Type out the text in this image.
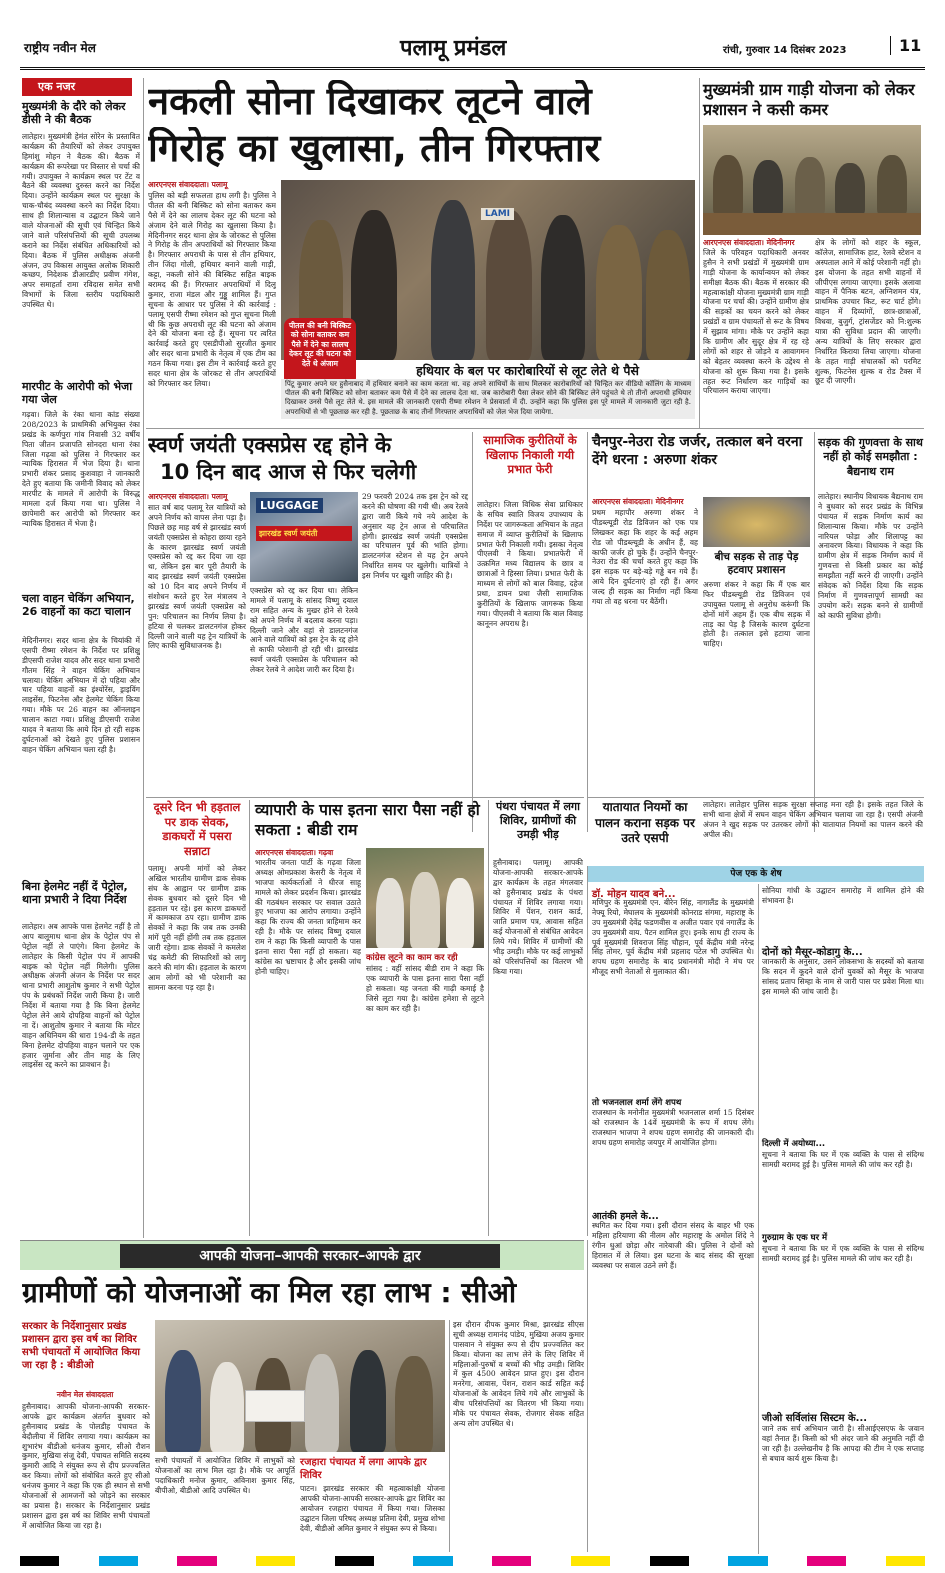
राष्ट्रीय नवीन मेल	पलामू प्रमंडल	रांची, गुरुवार 14 दिसंबर 2023	11
एक नजर
मुख्यमंत्री के दौरे को लेकर डीसी ने की बैठक
लातेहार। मुख्यमंत्री हेमंत सोरेन के प्रस्तावित कार्यक्रम की तैयारियों को लेकर उपायुक्त हिमांशु मोहन ने बैठक की। बैठक में कार्यक्रम की रूपरेखा पर विस्तार से चर्चा की गयी। उपायुक्त ने कार्यक्रम स्थल पर टेंट व बैठने की व्यवस्था दुरुस्त करने का निर्देश दिया। उन्होंने कार्यक्रम स्थल पर सुरक्षा के चाक-चौबंद व्यवस्था करने का निर्देश दिया। साथ ही शिलान्यास व उद्घाटन किये जाने वाले योजनाओं की सूची एवं चिन्हित किये जाने वाले परिसंपत्तियों की सूची उपलब्ध कराने का निर्देश संबंधित अधिकारियों को दिया। बैठक में पुलिस अधीक्षक अंजनी अंजन, उप विकास आयुक्त अलोक शिकारी कच्छप, निदेशक डीआरडीए प्रवीण गंगेश, अपर समाहर्ता रामा रविदास समेत सभी विभागों के जिला स्तरीय पदाधिकारी उपस्थित थे।
मारपीट के आरोपी को भेजा गया जेल
गढ़वा। जिले के रंका थाना कांड संख्या 208/2023 के प्राथमिकी अभियुक्त रंका प्रखंड के कर्णपुरा गांव निवासी 32 वर्षीय पिता जीतन प्रजापति सोनदरा थाना रंका जिला गढ़वा को पुलिस ने गिरफ्तार कर न्यायिक हिरासत में भेज दिया है। थाना प्रभारी शंकर प्रसाद कुशवाहा ने जानकारी देते हुए बताया कि जमीनी विवाद को लेकर मारपीट के मामले में आरोपी के विरुद्ध मामला दर्ज किया गया था। पुलिस ने छापेमारी कर आरोपी को गिरफ्तार कर न्यायिक हिरासत में भेजा है।
चला वाहन चेकिंग अभियान, 26 वाहनों का कटा चालान
मेदिनीनगर। सदर थाना क्षेत्र के चियांकी में एसपी रीष्मा रमेशन के निर्देश पर प्रशिक्षु डीएसपी राजेश यादव और सदर थाना प्रभारी गौतम सिंह ने वाहन चेकिंग अभियान चलाया। चेकिंग अभियान में दो पहिया और चार पहिया वाहनों का इंश्योरेंस, ड्राइविंग लाइसेंस, फिटनेस और हेलमेट चेकिंग किया गया। मौके पर 26 वाहन का ऑनलाइन चालान काटा गया। प्रशिक्षु डीएसपी राजेश यादव ने बताया कि आये दिन हो रही सड़क दुर्घटनाओं को देखते हुए पुलिस प्रशासन वाहन चेकिंग अभियान चला रही है।
बिना हेलमेट नहीं दें पेट्रोल, थाना प्रभारी ने दिया निर्देश
लातेहार। अब आपके पास हेलमेट नहीं है तो आप बालूमाथ थाना क्षेत्र के पेट्रोल पंप से पेट्रोल नहीं ले पाएंगे। बिना हेलमेट के लातेहार के किसी पेट्रोल पंप में आपकी बाइक को पेट्रोल नहीं मिलेगी। पुलिस अधीक्षक अंजनी अंजन के निर्देश पर सदर थाना प्रभारी आशुतोष कुमार ने सभी पेट्रोल पंप के प्रबंधकों निर्देश जारी किया है। जारी निर्देश में बताया गया है कि बिना हेलमेट पेट्रोल लेने आये दोपहिया वाहनों को पेट्रोल ना दें। आशुतोष कुमार ने बताया कि मोटर वाहन अधिनियम की धारा 194-डी के तहत बिना हेलमेट दोपहिया वाहन चलाने पर एक हजार जुर्माना और तीन माह के लिए लाइसेंस रद्द करने का प्रावधान है।
नकली सोना दिखाकर लूटने वाले
गिरोह का खुलासा, तीन गिरफ्तार
आरएनएस संवाददाता। पलामू
पुलिस को बड़ी सफलता हाथ लगी है। पुलिस ने पीतल की बनी बिस्किट को सोना बताकर कम पैसे में देने का लालच देकर लूट की घटना को अंजाम देने वाले गिरोह का खुलासा किया है। मेदिनीनगर सदर थाना क्षेत्र के जोरकट से पुलिस ने गिरोह के तीन अपराधियों को गिरफ्तार किया है। गिरफ्तार अपराधी के पास से तीन हथियार, तीन जिंदा गोली, हथियार बनाने वाली गाड़ी, कट्टा, नकली सोने की बिस्किट सहित बाइक बरामद की हैं। गिरफ्तार अपराधियों में दिलू कुमार, राजा मंडल और गुड्डू शामिल हैं। गुप्त सूचना के आधार पर पुलिस ने की कार्रवाई : पलामू एसपी रीष्मा रमेशन को गुप्त सूचना मिली थी कि कुछ अपराधी लूट की घटना को अंजाम देने की योजना बना रहे हैं। सूचना पर त्वरित कार्रवाई करते हुए एसडीपीओ सुरजीत कुमार और सदर थाना प्रभारी के नेतृत्व में एक टीम का गठन किया गया। इस टीम ने कार्रवाई करते हुए सदर थाना क्षेत्र के जोरकट से तीन अपराधियों को गिरफ्तार कर लिया।
LAMI
पीतल की बनी बिस्किट को सोना बताकर कम पैसे में देने का लालच देकर लूट की घटना को देते थे अंजाम	हथियार के बल पर कारोबारियों से लूट लेते थे पैसे
पिंटू कुमार अपने घर हुसैनाबाद में हथियार बनाने का काम करता था. वह अपने साथियों के साथ मिलकर कारोबारियों को चिन्हित कर वीडियो कॉलिंग के माध्यम पीतल की बनी बिस्किट को सोना बताकर कम पैसे में देने का लालच देता था. जब कारोबारी पैसा लेकर सोने की बिस्किट लेने पहुंचते थे तो तीनों अपराधी हथियार दिखाकर उनसे पैसे लूट लेते थे. इस मामले की जानकारी एसपी रीष्मा रमेशन ने प्रेसवार्ता में दी. उन्होंने कहा कि पुलिस इस पूरे मामले में जानकारी जुटा रही है. अपराधियों से भी पूछताछ कर रही है. पूछताछ के बाद तीनों गिरफ्तार अपराधियों को जेल भेज दिया जायेगा.
मुख्यमंत्री ग्राम गाड़ी योजना को लेकर प्रशासन ने कसी कमर
आरएनएस संवाददाता। मेदिनीनगर
जिले के परिवहन पदाधिकारी अनवर हुसैन ने सभी प्रखंडों में मुख्यमंत्री ग्राम गाड़ी योजना के कार्यान्वयन को लेकर समीक्षा बैठक की। बैठक में सरकार की महत्वाकांक्षी योजना मुख्यमंत्री ग्राम गाड़ी योजना पर चर्चा की। उन्होंने ग्रामीण क्षेत्र की सड़कों का चयन करने को लेकर प्रखंडों व ग्राम पंचायतों से रूट के विषय में सुझाव मांगा। मौके पर उन्होंने कहा कि ग्रामीण और सुदूर क्षेत्र में रह रहे लोगों को शहर से जोड़ने व आवागमन को बेहतर व्यवस्था करने के उद्देश्य से योजना को शुरू किया गया है। इसके तहत रूट निर्धारण कर गाड़ियों का परिचालन कराया जाएगा।
क्षेत्र के लोगों को शहर के स्कूल, कॉलेज, सामाजिक हाट, रेलवे स्टेशन व अस्पताल आने में कोई परेशानी नहीं हो। इस योजना के तहत सभी वाहनों में जीपीएस लगाया जाएगा। इसके अलावा वाहन में पैनिक बटन, अग्निशमन यंत्र, प्राथमिक उपचार किट, रूट चार्ट होंगे। वाहन में दिव्यांगों, छात्र-छात्राओं, विधवा, बुजुर्ग, ट्रांसजेंडर को नि:शुल्क यात्रा की सुविधा प्रदान की जाएगी। अन्य यात्रियों के लिए सरकार द्वारा निर्धारित किराया लिया जाएगा। योजना के तहत गाड़ी संचालकों को परमिट शुल्क, फिटनेस शुल्क व रोड टैक्स में छूट दी जाएगी।
स्वर्ण जयंती एक्सप्रेस रद्द होने के
10 दिन बाद आज से फिर चलेगी
आरएनएस संवाददाता। पलामू
सात वर्ष बाद पलामू रेल यात्रियों को अपने निर्णय को वापस लेना पड़ा है। पिछले छह माह वर्ष से झारखंड स्वर्ण जयंती एक्सप्रेस से कोहरा छाया रहने के कारण झारखंड स्वर्ण जयंती एक्सप्रेस को रद्द कर दिया जा रहा था, लेकिन इस बार पूरी तैयारी के बाद झारखंड स्वर्ण जयंती एक्सप्रेस को 10 दिन बाद अपने निर्णय में संशोधन करते हुए रेल मंत्रालय ने झारखंड स्वर्ण जयंती एक्सप्रेस को पुन: परिचालन का निर्णय लिया है। हटिया से चलकर डालटनगंज होकर दिल्ली जाने वाली यह ट्रेन यात्रियों के लिए काफी सुविधाजनक है।
LUGGAGE
झारखंड स्वर्ण जयंती
एक्सप्रेस को रद्द कर दिया था। लेकिन मामले में पलामू के सांसद विष्णु दयाल राम सहित अन्य के मुखर होने से रेलवे को अपने निर्णय में बदलाव करना पड़ा। दिल्ली जाने और वहां से डालटनगंज आने वाले यात्रियों को इस ट्रेन के रद्द होने से काफी परेशानी हो रही थी। झारखंड स्वर्ण जयंती एक्सप्रेस के परिचालन को लेकर रेलवे ने आदेश जारी कर दिया है।
29 फरवरी 2024 तक इस ट्रेन को रद्द करने की घोषणा की गयी थी। अब रेलवे द्वारा जारी किये गये नये आदेश के अनुसार यह ट्रेन आज से परिचालित होगी। झारखंड स्वर्ण जयंती एक्सप्रेस का परिचालन पूर्व की भांति होगा। डालटनगंज स्टेशन से यह ट्रेन अपने निर्धारित समय पर खुलेगी। यात्रियों ने इस निर्णय पर खुशी जाहिर की है।
सामाजिक कुरीतियों के खिलाफ निकाली गयी प्रभात फेरी
लातेहार। जिला विधिक सेवा प्राधिकार के सचिव स्वाति विजय उपाध्याय के निर्देश पर जागरूकता अभियान के तहत समाज में व्याप्त कुरीतियों के खिलाफ प्रभात फेरी निकाली गयी। इसका नेतृत्व पीएलवी ने किया। प्रभातफेरी में उत्क्रमित मध्य विद्यालय के छात्र व छात्राओं ने हिस्सा लिया। प्रभात फेरी के माध्यम से लोगों को बाल विवाह, दहेज प्रथा, डायन प्रथा जैसी सामाजिक कुरीतियों के खिलाफ जागरूक किया गया। पीएलवी ने बताया कि बाल विवाह कानूनन अपराध है।
चैनपुर-नेउरा रोड जर्जर, तत्काल बने वरना देंगे धरना : अरुणा शंकर
आरएनएस संवाददाता। मेदिनीनगर
प्रथम महापौर अरुणा शंकर ने पीडब्ल्यूडी रोड डिविजन को एक पत्र लिखकर कहा कि शहर के कई अहम रोड जो पीडब्ल्यूडी के अधीन हैं, वह काफी जर्जर हो चुके हैं। उन्होंने चैनपुर-नेउरा रोड की चर्चा करते हुए कहा कि इस सड़क पर बड़े-बड़े गड्ढे बन गये हैं। आये दिन दुर्घटनाएं हो रही हैं। अगर जल्द ही सड़क का निर्माण नहीं किया गया तो वह धरना पर बैठेंगी।
बीच सड़क से ताड़ पेड़ हटवाए प्रशासन
अरुणा शंकर ने कहा कि मैं एक बार फिर पीडब्ल्यूडी रोड डिविजन एवं उपायुक्त पलामू से अनुरोध करूंगी कि दोनों मांगें अहम हैं। एक बीच सड़क में ताड़ का पेड़ है जिसके कारण दुर्घटना होती है। तत्काल इसे हटाया जाना चाहिए।
सड़क की गुणवत्ता के साथ नहीं हो कोई समझौता : बैद्यनाथ राम
लातेहार। स्थानीय विधायक बैद्यनाथ राम ने बुधवार को सदर प्रखंड के विभिन्न पंचायत में सड़क निर्माण कार्य का शिलान्यास किया। मौके पर उन्होंने नारियल फोड़ा और शिलापट्ट का अनावरण किया। विधायक ने कहा कि ग्रामीण क्षेत्र में सड़क निर्माण कार्य में गुणवत्ता से किसी प्रकार का कोई समझौता नहीं करने दी जाएगी। उन्होंने संवेदक को निर्देश दिया कि सड़क निर्माण में गुणवत्तापूर्ण सामग्री का उपयोग करें। सड़क बनने से ग्रामीणों को काफी सुविधा होगी।
यातायात नियमों का पालन कराना सड़क पर उतरे एसपी
लातेहार। लातेहार पुलिस सड़क सुरक्षा सप्ताह मना रही है। इसके तहत जिले के सभी थाना क्षेत्रों में सघन वाहन चेकिंग अभियान चलाया जा रहा है। एसपी अंजनी अंजन ने खुद सड़क पर उतरकर लोगों को यातायात नियमों का पालन करने की अपील की।
पेज एक के शेष
दूसरे दिन भी हड़ताल पर डाक सेवक, डाकघरों में पसरा सन्नाटा
पलामू। अपनी मांगों को लेकर अखिल भारतीय ग्रामीण डाक सेवक संघ के आह्वान पर ग्रामीण डाक सेवक बुधवार को दूसरे दिन भी हड़ताल पर रहे। इस कारण डाकघरों में कामकाज ठप रहा। ग्रामीण डाक सेवकों ने कहा कि जब तक उनकी मांगें पूरी नहीं होंगी तब तक हड़ताल जारी रहेगा। डाक सेवकों ने कमलेश चंद्र कमेटी की सिफारिशों को लागू करने की मांग की। हड़ताल के कारण आम लोगों को भी परेशानी का सामना करना पड़ रहा है।
व्यापारी के पास इतना सारा पैसा नहीं हो सकता : बीडी राम
आरएनएस संवाददाता। गढ़वा
भारतीय जनता पार्टी के गढ़वा जिला अध्यक्ष ओमप्रकाश केसरी के नेतृत्व में भाजपा कार्यकर्ताओं ने धीरज साहू मामले को लेकर प्रदर्शन किया। झारखंड की गठबंधन सरकार पर सवाल उठाते हुए भाजपा का आरोप लगाया। उन्होंने कहा कि राज्य की जनता त्राहिमाम कर रही है। मौके पर सांसद विष्णु दयाल राम ने कहा कि किसी व्यापारी के पास इतना सारा पैसा नहीं हो सकता। यह कांग्रेस का भ्रष्टाचार है और इसकी जांच होनी चाहिए।
कांग्रेस लूटने का काम कर रही
सांसद : वहीं सांसद बीडी राम ने कहा कि एक व्यापारी के पास इतना सारा पैसा नहीं हो सकता। यह जनता की गाढ़ी कमाई है जिसे लूटा गया है। कांग्रेस हमेशा से लूटने का काम कर रही है।
पंथरा पंचायत में लगा शिविर, ग्रामीणों की उमड़ी भीड़
हुसैनाबाद। पलामू। आपकी योजना-आपकी सरकार-आपके द्वार कार्यक्रम के तहत मंगलवार को हुसैनाबाद प्रखंड के पंथरा पंचायत में शिविर लगाया गया। शिविर में पेंशन, राशन कार्ड, जाति प्रमाण पत्र, आवास सहित कई योजनाओं से संबंधित आवेदन लिये गये। शिविर में ग्रामीणों की भीड़ उमड़ी। मौके पर कई लाभुकों को परिसंपत्तियों का वितरण भी किया गया।
डॉ. मोहन यादव बने...
मणिपुर के मुख्यमंत्री एन. बीरेन सिंह, नागालैंड के मुख्यमंत्री नेफ्यू रियो, मेघालय के मुख्यमंत्री कोनराड संगमा, महाराष्ट्र के उप मुख्यमंत्री देवेंद्र फडणवीस व अजीत पवार एवं नगालैंड के उप मुख्यमंत्री वाय. पैटन शामिल हुए। इनके साथ ही राज्य के पूर्व मुख्यमंत्री शिवराज सिंह चौहान, पूर्व केंद्रीय मंत्री नरेन्द्र सिंह तोमर, पूर्व केंद्रीय मंत्री प्रहलाद पटेल भी उपस्थित थे। शपथ ग्रहण समारोह के बाद प्रधानमंत्री मोदी ने मंच पर मौजूद सभी नेताओं से मुलाकात की।
तो भजनलाल शर्मा लेंगे शपथ
राजस्थान के मनोनीत मुख्यमंत्री भजनलाल शर्मा 15 दिसंबर को राजस्थान के 14वें मुख्यमंत्री के रूप में शपथ लेंगे। राजस्थान भाजपा ने शपथ ग्रहण समारोह की जानकारी दी। शपथ ग्रहण समारोह जयपुर में आयोजित होगा।
आतंकी हमले के...
स्थगित कर दिया गया। इसी दौरान संसद के बाहर भी एक महिला हरियाणा की नीलम और महाराष्ट्र के अमोल शिंदे ने रंगीन धुआं छोड़ा और नारेबाजी की। पुलिस ने दोनों को हिरासत में ले लिया। इस घटना के बाद संसद की सुरक्षा व्यवस्था पर सवाल उठने लगे हैं।
सोनिया गांधी के उद्घाटन समारोह में शामिल होने की संभावना है।
दोनों को मैसूर-कोडागु के...
जानकारी के अनुसार, उसने लोकसभा के सदस्यों को बताया कि सदन में कूदने वाले दोनों युवकों को मैसूर के भाजपा सांसद प्रताप सिम्हा के नाम से जारी पास पर प्रवेश मिला था। इस मामले की जांच जारी है।
दिल्ली में अयोध्या...
सूचना ने बताया कि घर में एक व्यक्ति के पास से संदिग्ध सामग्री बरामद हुई है। पुलिस मामले की जांच कर रही है।
गुरुग्राम के एक घर में
सूचना ने बताया कि घर में एक व्यक्ति के पास से संदिग्ध सामग्री बरामद हुई है। पुलिस मामले की जांच कर रही है।
जीओ सर्विलांस सिस्टम के...
जाने तक सर्च अभियान जारी है। सीआईएसएफ के जवान वहां तैनात हैं। किसी को भी अंदर जाने की अनुमति नहीं दी जा रही है। उल्लेखनीय है कि आपदा की टीम ने एक सप्ताह से बचाव कार्य शुरू किया है।
आपकी योजना–आपकी सरकार–आपके द्वार
ग्रामीणों को योजनाओं का मिल रहा लाभ : सीओ
सरकार के निर्देशानुसार प्रखंड प्रशासन द्वारा इस वर्ष का शिविर सभी पंचायतों में आयोजित किया जा रहा है : बीडीओ
नवीन मेल संवाददाता
हुसैनाबाद। आपकी योजना-आपकी सरकार-आपके द्वार कार्यक्रम अंतर्गत बुधवार को हुसैनाबाद प्रखंड के पोलडीह पंचायत के बेदौलीया में शिविर लगाया गया। कार्यक्रम का शुभारंभ बीडीओ धनंजय कुमार, सीओ रौशन कुमार, मुखिया संजू देवी, पंचायत समिति सदस्य कुमारी आदि ने संयुक्त रूप से दीप प्रज्ज्वलित कर किया। लोगों को संबोधित करते हुए सीओ धनंजय कुमार ने कहा कि एक ही स्थान से सभी योजनाओं से आमजनों को जोड़ने का सरकार का प्रयास है। सरकार के निर्देशानुसार प्रखंड प्रशासन द्वारा इस वर्ष का शिविर सभी पंचायतों में आयोजित किया जा रहा है।
सभी पंचायतों में आयोजित शिविर में लाभुकों को योजनाओं का लाभ मिल रहा है। मौके पर आपूर्ति पदाधिकारी मनोज कुमार, अविनाश कुमार सिंह, बीपीओ, बीडीओ आदि उपस्थित थे।
रजहारा पंचायत में लगा आपके द्वार शिविर
पाटन। झारखंड सरकार की महत्वाकांक्षी योजना आपकी योजना-आपकी सरकार-आपके द्वार शिविर का आयोजन रजहारा पंचायत में किया गया। जिसका उद्घाटन जिला परिषद अध्यक्ष प्रतिमा देवी, प्रमुख शोभा देवी, बीडीओ अमित कुमार ने संयुक्त रूप से किया।
इस दौरान दीपक कुमार मिश्रा, झारखंड सीएस सूची अध्यक्ष रामानंद पांडेय, मुखिया अजय कुमार पासवान ने संयुक्त रूप से दीप प्रज्ज्वलित कर किया। योजना का लाभ लेने के लिए शिविर में महिलाओं-पुरुषों व बच्चों की भीड़ उमड़ी। शिविर में कुल 4500 आवेदन प्राप्त हुए। इस दौरान मनरेगा, आवास, पेंशन, राशन कार्ड सहित कई योजनाओं के आवेदन लिये गये और लाभुकों के बीच परिसंपत्तियों का वितरण भी किया गया। मौके पर पंचायत सेवक, रोजगार सेवक सहित अन्य लोग उपस्थित थे।
